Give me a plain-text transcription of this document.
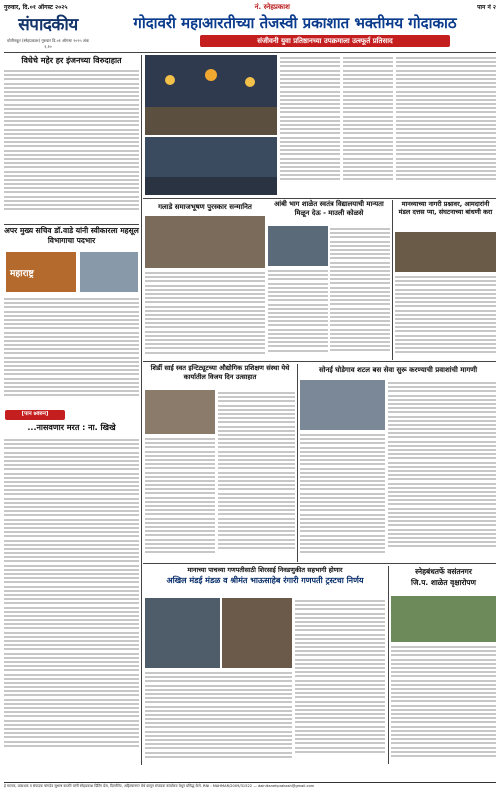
गुरुवार, दि.०१ ऑगस्ट २०२५	नं. स्नेहप्रकाश	पान नं २
संपादकीय
धोत्रीनकूर (स्नेहप्रकाश) गुरुवार दि.०१ ऑगस्ट २०२५ अंक १,१०
गोदावरी महाआरतीच्या तेजस्वी प्रकाशात भक्तीमय गोदाकाठ
संजीवनी युवा प्रतिष्ठानच्या उपक्रमाला उत्स्फूर्त प्रतिसाद
विधेचे महेर हर इंजनच्या विरुदाहात
अपर मुख्य सचिव डाॅ.वाडे यांनी स्वीकारला महसूल विभागाचा पदभार
महाराष्ट्र
[पान ७वरुन]
...नासवणार मरत : ना. खिखे
गलाडे समाजभूषण पुरस्कार सन्मानित	आंबी भाग शाळेत स्वतंत्र विद्यालयाची मान्यता मिळून देऊ - माउली कोळसे
मानव्याच्या नागरी प्रश्नावर, आमदारांनी मंडल दत्तस प्या, संघटनाच्या बांधणी करा
शिर्डी साई स्वत इन्टिट्यूटच्या औद्योगिक प्रशिक्षण संस्था येथे कार्यातील विजय दिन उत्साहात
सोनई घोडेगाव शटल बस सेवा सुरू करण्याची प्रवाशांची मागणी
मानाच्या पाचव्या गणपतीसाठी शिरसाई निवडणुकीत सहभागी होणार
अखिल मंडई मंडळ व श्रीमंत भाऊसाहेब रंगारी गणपती ट्रस्टचा निर्णय
स्नेहबंधतर्फे वसंतनगर
जि.प. शाळेत वृक्षारोपण
हे मालक, प्रकाशक व संपादक चांगदेव सुभाष कातोरे यांनी स्नेहप्रकाश प्रिंटिंग प्रेस, दिल्लीगेट, अहिल्यानगर येथे छापून संपादक कार्यालय येथून प्रसिद्ध केले. RNI : MAHMAR/2009/31522 — dainiksnehprakash@gmail.com
